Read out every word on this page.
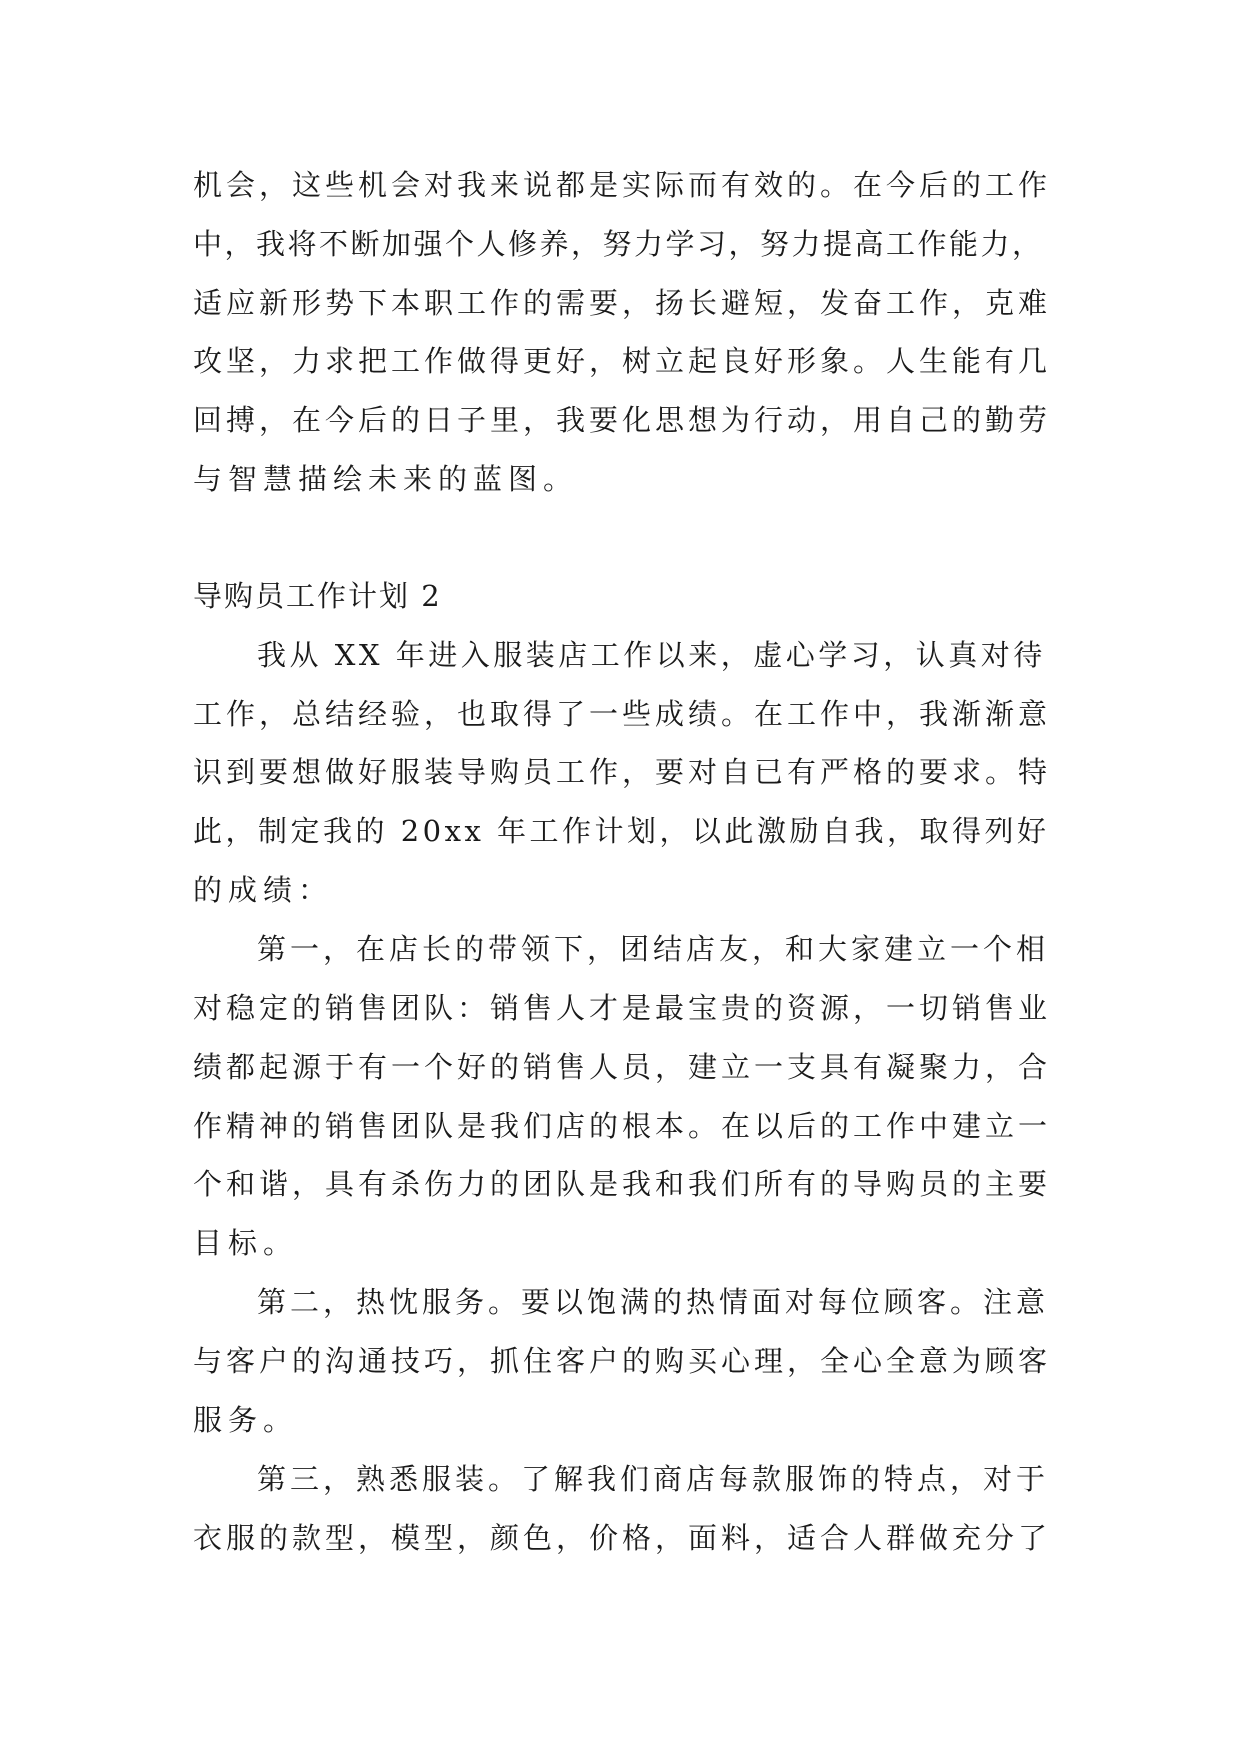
机会，这些机会对我来说都是实际而有效的。在今后的工作
中，我将不断加强个人修养，努力学习，努力提高工作能力，
适应新形势下本职工作的需要，扬长避短，发奋工作，克难
攻坚，力求把工作做得更好，树立起良好形象。人生能有几
回搏，在今后的日子里，我要化思想为行动，用自己的勤劳
与智慧描绘未来的蓝图。
导购员工作计划 2
我从 XX 年进入服装店工作以来，虚心学习，认真对待
工作，总结经验，也取得了一些成绩。在工作中，我渐渐意
识到要想做好服装导购员工作，要对自已有严格的要求。特
此，制定我的 20xx 年工作计划，以此激励自我，取得列好
的成绩：
第一，在店长的带领下，团结店友，和大家建立一个相
对稳定的销售团队：销售人才是最宝贵的资源，一切销售业
绩都起源于有一个好的销售人员，建立一支具有凝聚力，合
作精神的销售团队是我们店的根本。在以后的工作中建立一
个和谐，具有杀伤力的团队是我和我们所有的导购员的主要
目标。
第二，热忱服务。要以饱满的热情面对每位顾客。注意
与客户的沟通技巧，抓住客户的购买心理，全心全意为顾客
服务。
第三，熟悉服装。了解我们商店每款服饰的特点，对于
衣服的款型，模型，颜色，价格，面料，适合人群做充分了
